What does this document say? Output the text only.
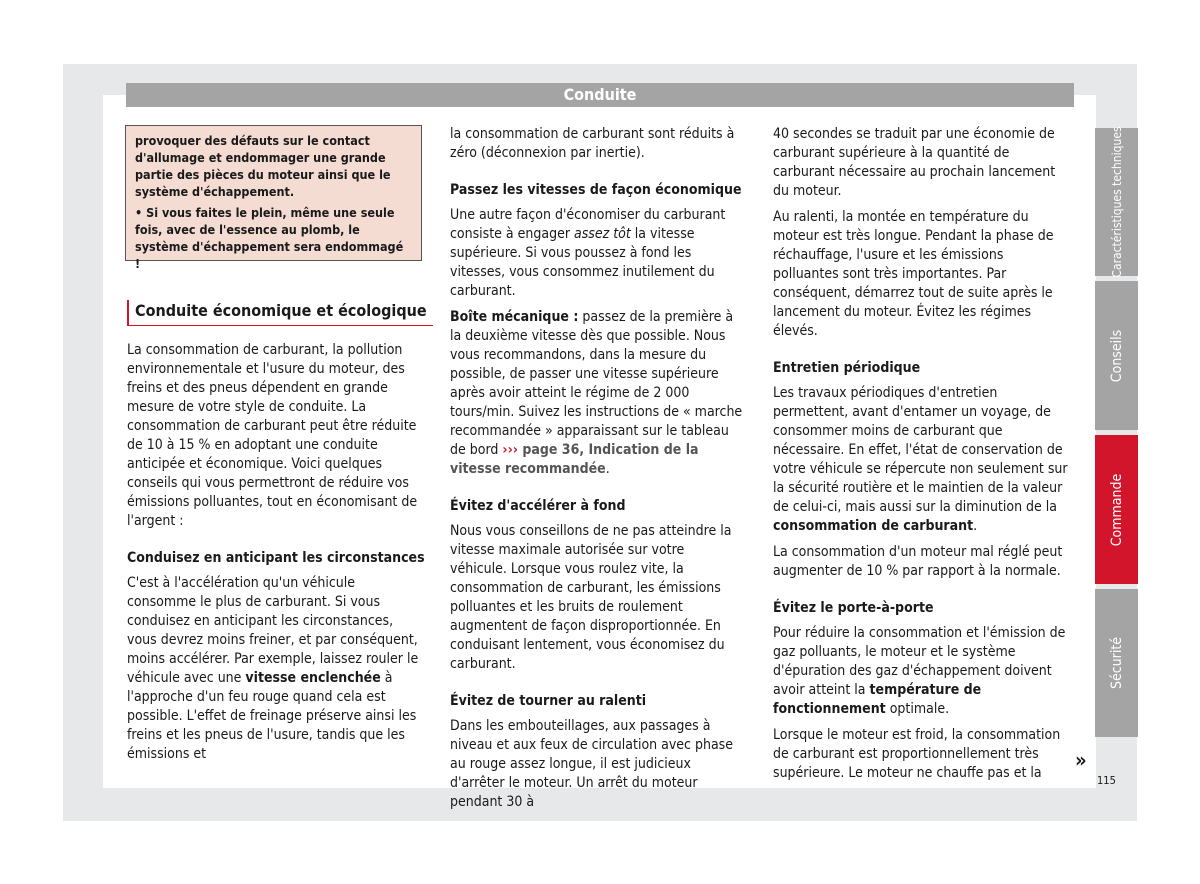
Conduite

provoquer des défauts sur le contact d'allumage et endommager une grande partie des pièces du moteur ainsi que le système d'échappement.

• Si vous faites le plein, même une seule fois, avec de l'essence au plomb, le système d'échappement sera endommagé !

Conduite économique et écologique

La consommation de carburant, la pollution environnementale et l'usure du moteur, des freins et des pneus dépendent en grande mesure de votre style de conduite. La consommation de carburant peut être réduite de 10 à 15 % en adoptant une conduite anticipée et économique. Voici quelques conseils qui vous permettront de réduire vos émissions polluantes, tout en économisant de l'argent :

Conduisez en anticipant les circonstances

C'est à l'accélération qu'un véhicule consomme le plus de carburant. Si vous conduisez en anticipant les circonstances, vous devrez moins freiner, et par conséquent, moins accélérer. Par exemple, laissez rouler le véhicule avec une vitesse enclenchée à l'approche d'un feu rouge quand cela est possible. L'effet de freinage préserve ainsi les freins et les pneus de l'usure, tandis que les émissions et

la consommation de carburant sont réduits à zéro (déconnexion par inertie).

Passez les vitesses de façon économique

Une autre façon d'économiser du carburant consiste à engager assez tôt la vitesse supérieure. Si vous poussez à fond les vitesses, vous consommez inutilement du carburant.

Boîte mécanique : passez de la première à la deuxième vitesse dès que possible. Nous vous recommandons, dans la mesure du possible, de passer une vitesse supérieure après avoir atteint le régime de 2 000 tours/min. Suivez les instructions de « marche recommandée » apparaissant sur le tableau de bord ››› page 36, Indication de la vitesse recommandée.

Évitez d'accélérer à fond

Nous vous conseillons de ne pas atteindre la vitesse maximale autorisée sur votre véhicule. Lorsque vous roulez vite, la consommation de carburant, les émissions polluantes et les bruits de roulement augmentent de façon disproportionnée. En conduisant lentement, vous économisez du carburant.

Évitez de tourner au ralenti

Dans les embouteillages, aux passages à niveau et aux feux de circulation avec phase au rouge assez longue, il est judicieux d'arrêter le moteur. Un arrêt du moteur pendant 30 à

40 secondes se traduit par une économie de carburant supérieure à la quantité de carburant nécessaire au prochain lancement du moteur.

Au ralenti, la montée en température du moteur est très longue. Pendant la phase de réchauffage, l'usure et les émissions polluantes sont très importantes. Par conséquent, démarrez tout de suite après le lancement du moteur. Évitez les régimes élevés.

Entretien périodique

Les travaux périodiques d'entretien permettent, avant d'entamer un voyage, de consommer moins de carburant que nécessaire. En effet, l'état de conservation de votre véhicule se répercute non seulement sur la sécurité routière et le maintien de la valeur de celui-ci, mais aussi sur la diminution de la consommation de carburant.

La consommation d'un moteur mal réglé peut augmenter de 10 % par rapport à la normale.

Évitez le porte-à-porte

Pour réduire la consommation et l'émission de gaz polluants, le moteur et le système d'épuration des gaz d'échappement doivent avoir atteint la température de fonctionnement optimale.

Lorsque le moteur est froid, la consommation de carburant est proportionnellement très supérieure. Le moteur ne chauffe pas et la

Caractéristiques techniques
Conseils
Commande
Sécurité
»
115
